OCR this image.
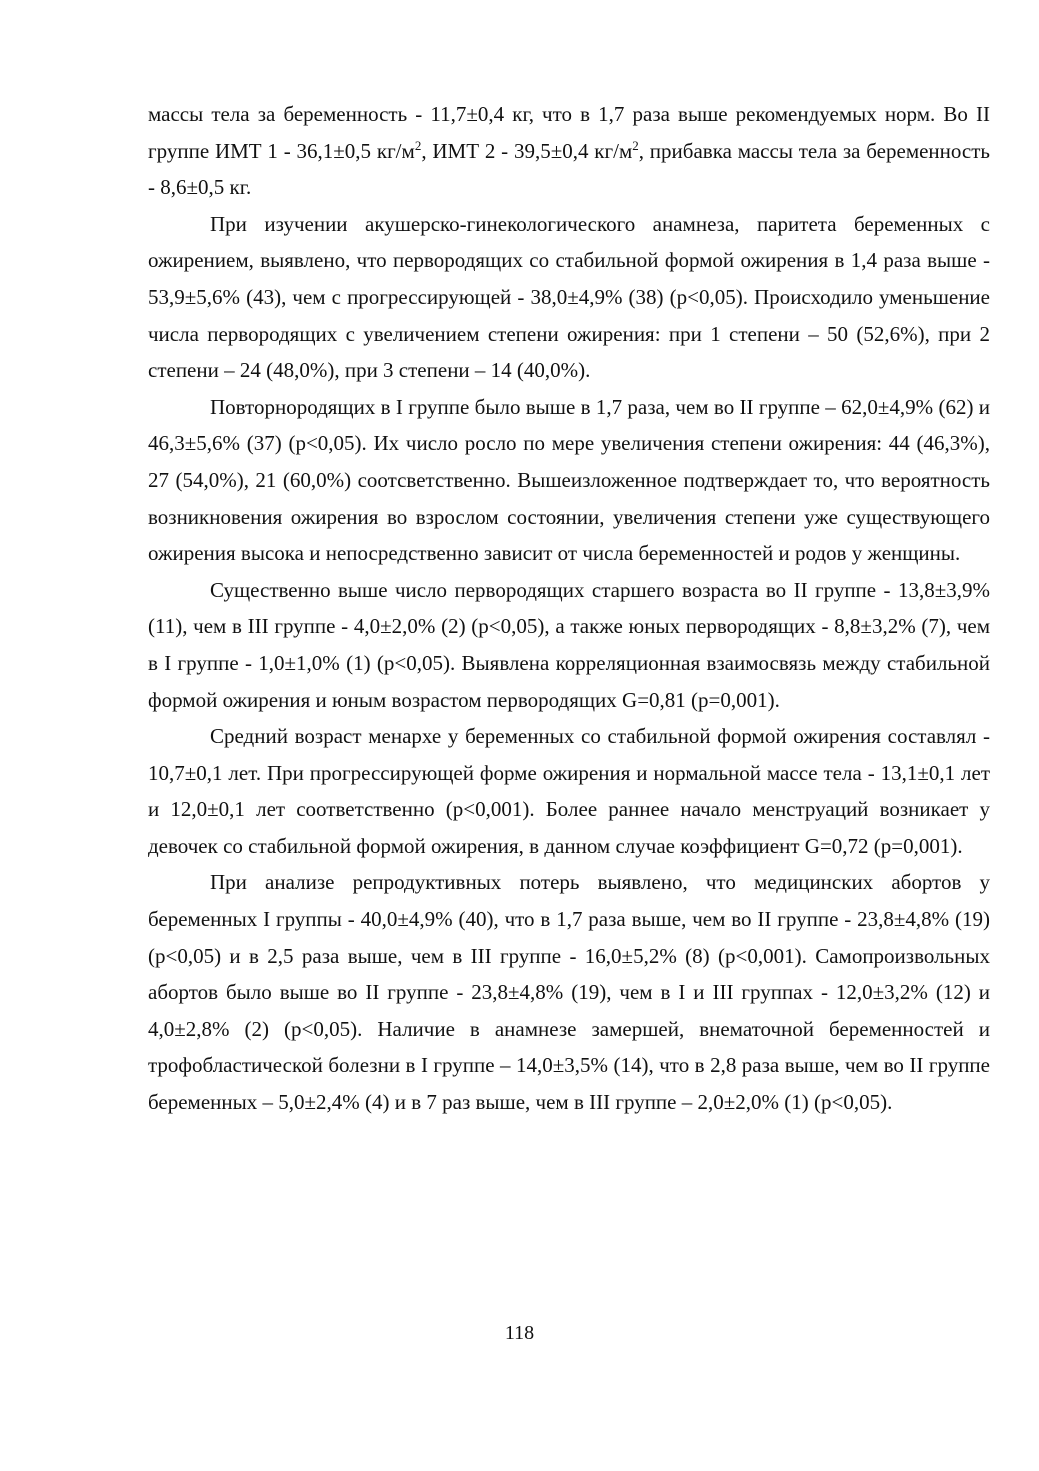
массы тела за беременность - 11,7±0,4 кг, что в 1,7 раза выше рекомендуемых норм. Во II группе ИМТ 1 - 36,1±0,5 $кг/м^2$, ИМТ 2 - 39,5±0,4 $кг/м^2$, прибавка массы тела за беременность - 8,6±0,5 кг.

При изучении акушерско-гинекологического анамнеза, паритета беременных с ожирением, выявлено, что первородящих со стабильной формой ожирения в 1,4 раза выше - 53,9±5,6% (43), чем с прогрессирующей - 38,0±4,9% (38) (р<0,05). Происходило уменьшение числа первородящих с увеличением степени ожирения: при 1 степени – 50 (52,6%), при 2 степени – 24 (48,0%), при 3 степени – 14 (40,0%).

Повторнородящих в I группе было выше в 1,7 раза, чем во II группе – 62,0±4,9% (62) и 46,3±5,6% (37) (р<0,05). Их число росло по мере увеличения степени ожирения: 44 (46,3%), 27 (54,0%), 21 (60,0%) соотсветственно. Вышеизложенное подтверждает то, что вероятность возникновения ожирения во взрослом состоянии, увеличения степени уже существующего ожирения высока и непосредственно зависит от числа беременностей и родов у женщины.

Существенно выше число первородящих старшего возраста во II группе - 13,8±3,9% (11), чем в III группе - 4,0±2,0% (2) (р<0,05), а также юных первородящих - 8,8±3,2% (7), чем в I группе - 1,0±1,0% (1) (р<0,05). Выявлена корреляционная взаимосвязь между стабильной формой ожирения и юным возрастом первородящих G=0,81 (р=0,001).

Средний возраст менархе у беременных со стабильной формой ожирения составлял - 10,7±0,1 лет. При прогрессирующей форме ожирения и нормальной массе тела - 13,1±0,1 лет и 12,0±0,1 лет соответственно (р<0,001). Более раннее начало менструаций возникает у девочек со стабильной формой ожирения, в данном случае коэффициент G=0,72 (р=0,001).

При анализе репродуктивных потерь выявлено, что медицинских абортов у беременных I группы - 40,0±4,9% (40), что в 1,7 раза выше, чем во II группе - 23,8±4,8% (19) (р<0,05) и в 2,5 раза выше, чем в III группе - 16,0±5,2% (8) (р<0,001). Самопроизвольных абортов было выше во II группе - 23,8±4,8% (19), чем в I и III группах - 12,0±3,2% (12) и 4,0±2,8% (2) (р<0,05). Наличие в анамнезе замершей, внематочной беременностей и трофобластической болезни в I группе – 14,0±3,5% (14), что в 2,8 раза выше, чем во II группе беременных – 5,0±2,4% (4) и в 7 раз выше, чем в III группе – 2,0±2,0% (1) (р<0,05).

118
